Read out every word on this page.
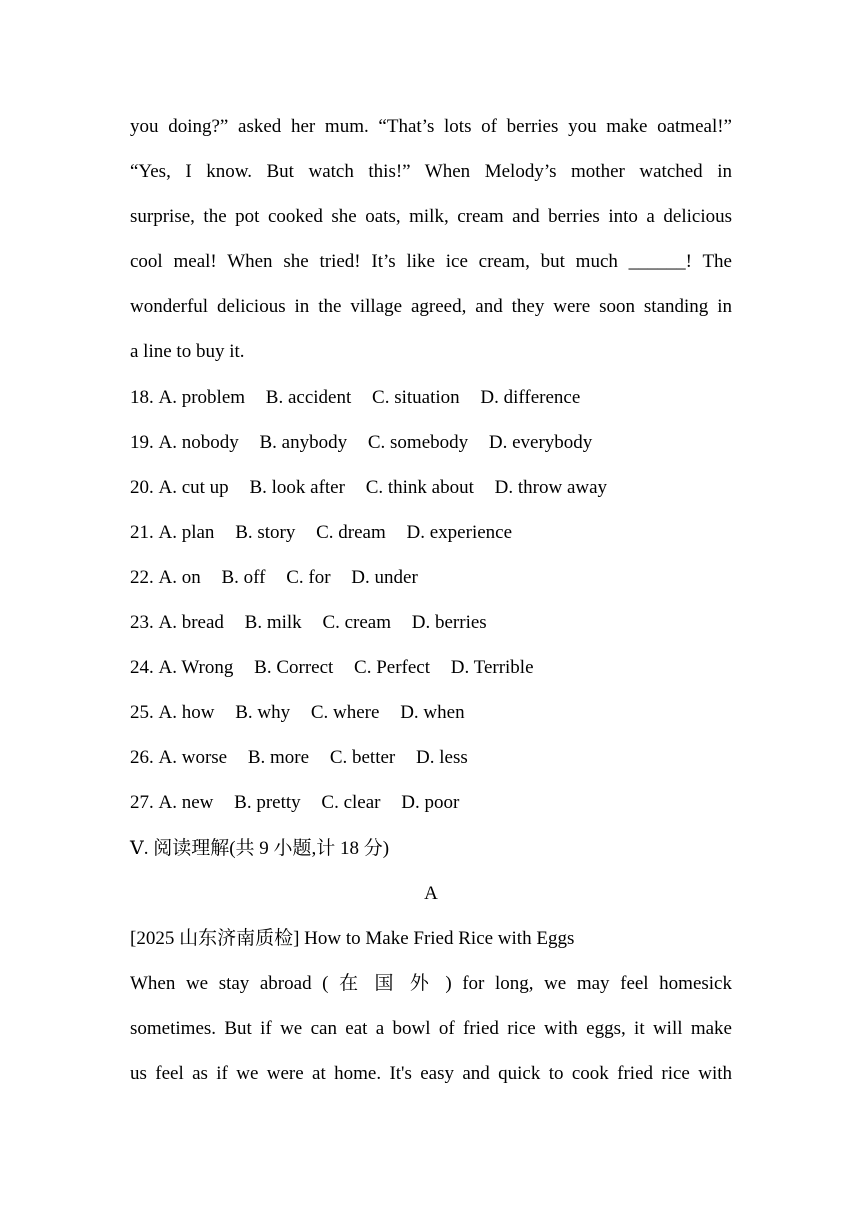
you doing?” asked her mum. “That’s lots of berries you make oatmeal!”
“Yes, I know. But watch this!” When Melody’s mother watched in
surprise, the pot cooked she oats, milk, cream and berries into a delicious
cool meal! When she tried! It’s like ice cream, but much ______! The
wonderful delicious in the village agreed, and they were soon standing in
a line to buy it.
18. A. problem B. accident C. situation D. difference
19. A. nobody B. anybody C. somebody D. everybody
20. A. cut up B. look after C. think about D. throw away
21. A. plan B. story C. dream D. experience
22. A. on B. off C. for D. under
23. A. bread B. milk C. cream D. berries
24. A. Wrong B. Correct C. Perfect D. Terrible
25. A. how B. why C. where D. when
26. A. worse B. more C. better D. less
27. A. new B. pretty C. clear D. poor
Ⅴ. 阅读理解(共 9 小题,计 18 分)
A
[2025 山东济南质检] How to Make Fried Rice with Eggs
When we stay abroad ( 在 国 外 ) for long, we may feel homesick
sometimes. But if we can eat a bowl of fried rice with eggs, it will make
us feel as if we were at home. It's easy and quick to cook fried rice with
